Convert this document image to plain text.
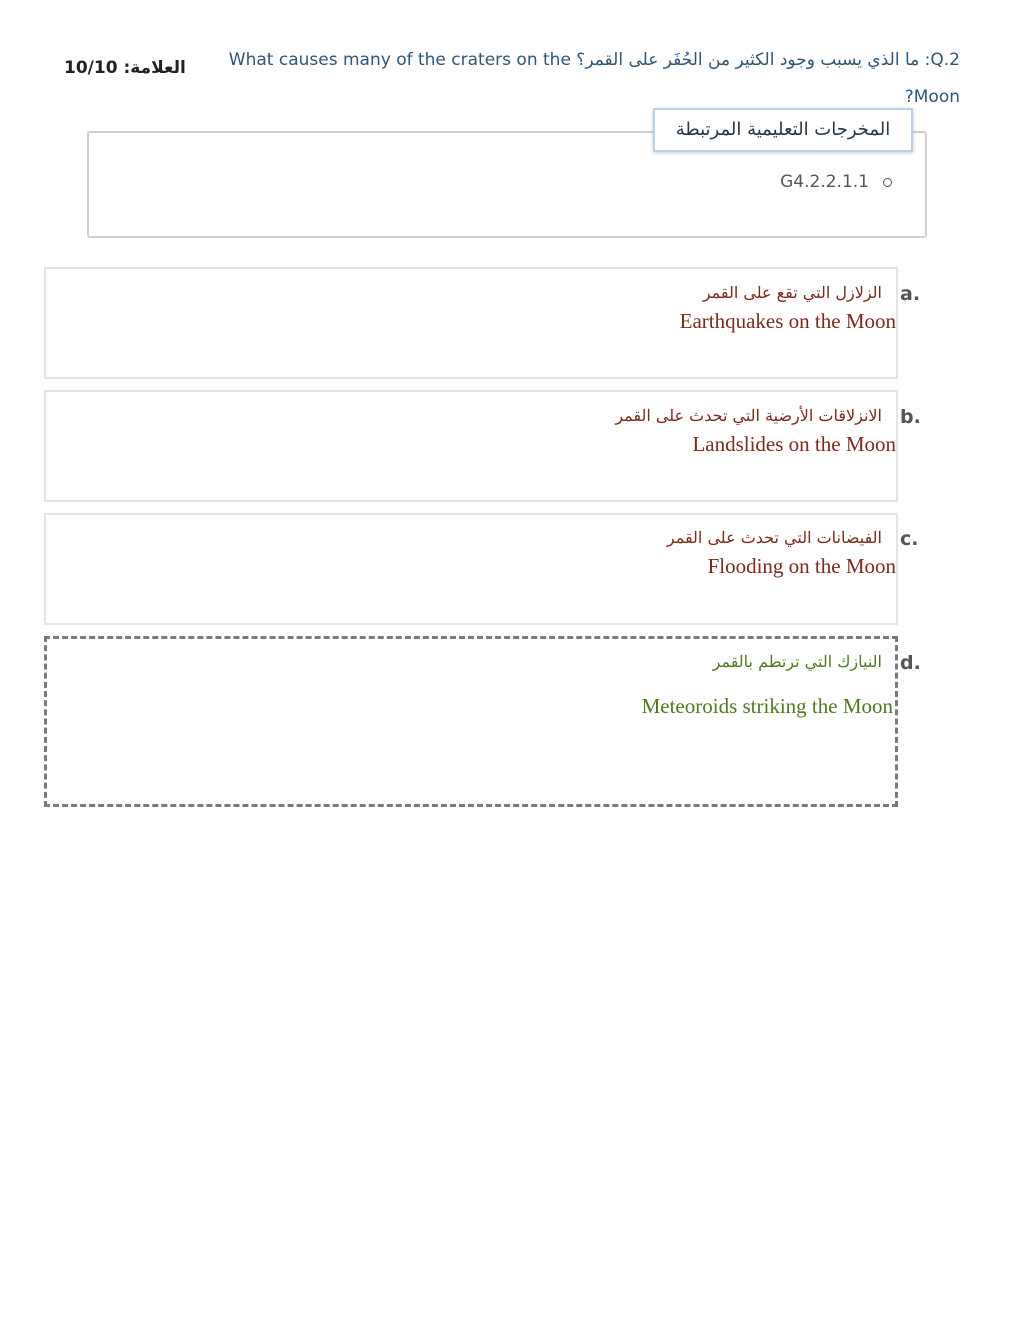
Q.2: ما الذي يسبب وجود الكثير من الحُفَر على القمر؟ What causes many of the craters on the Moon?
العلامة: 10/10
المخرجات التعليمية المرتبطة
G4.2.2.1.1
a.
الزلازل التي تقع على القمر
Earthquakes on the Moon
b.
الانزلاقات الأرضية التي تحدث على القمر
Landslides on the Moon
c.
الفيضانات التي تحدث على القمر
Flooding on the Moon
d.
النيازك التي ترتطم بالقمر
Meteoroids striking the Moon
